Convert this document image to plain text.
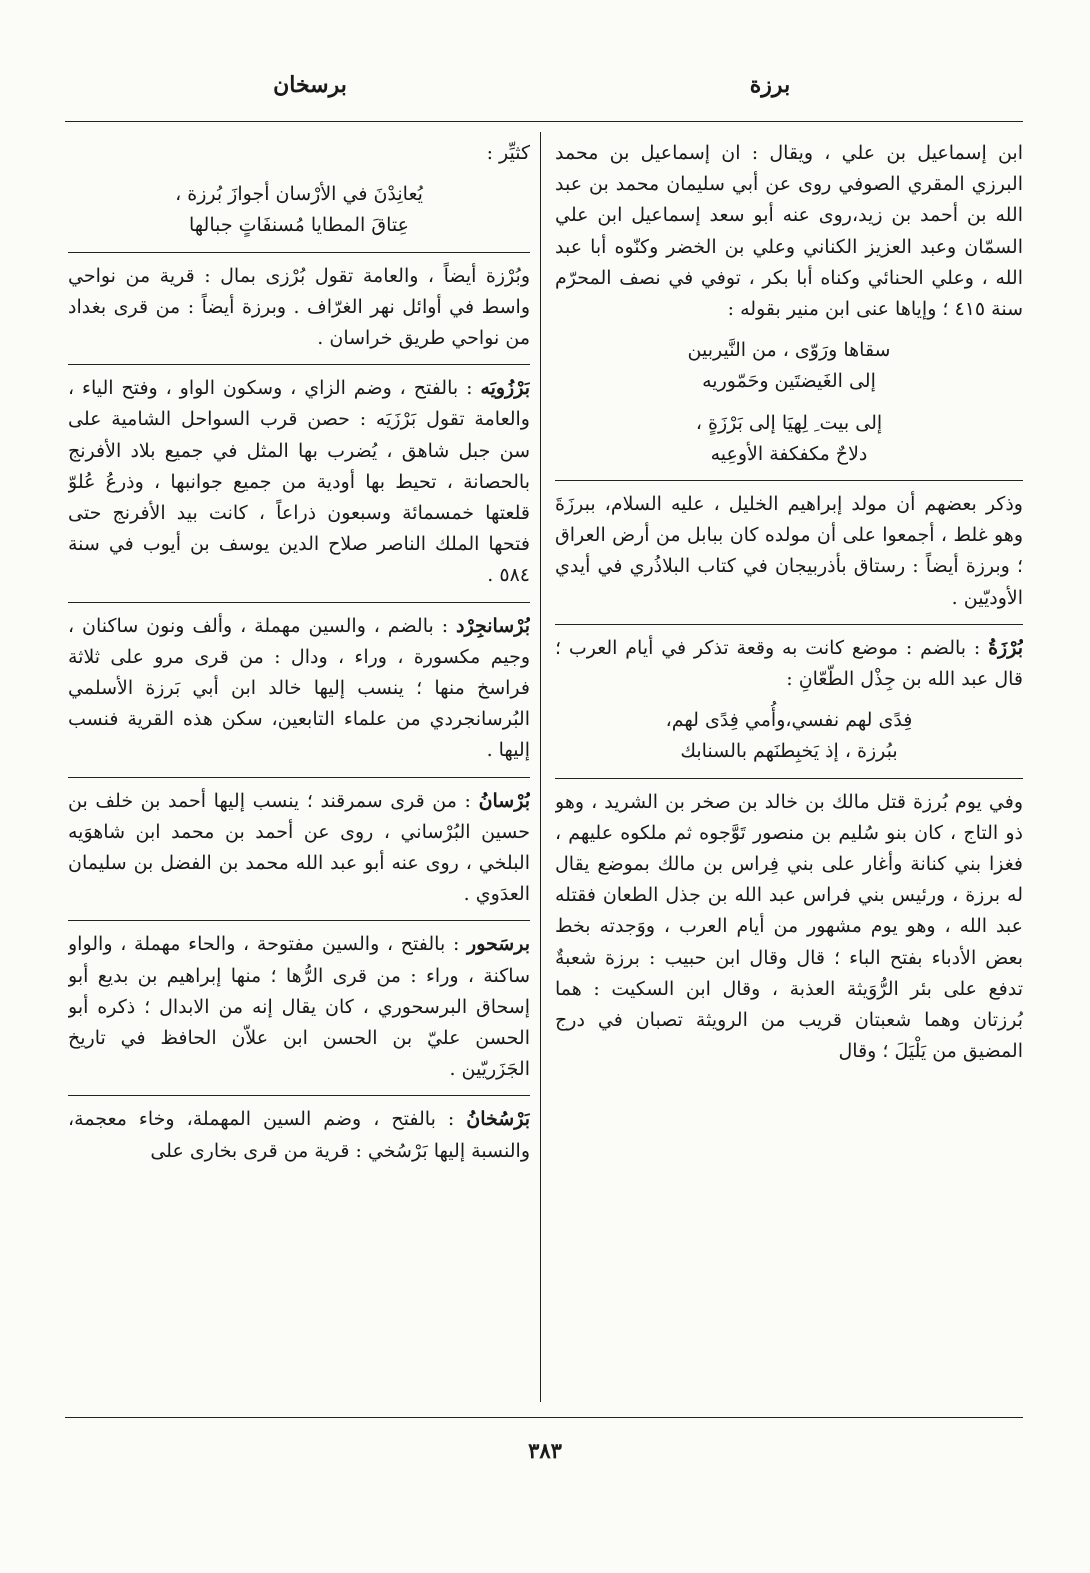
برزة
برسخان

ابن إسماعيل بن علي ، ويقال : ان إسماعيل بن محمد البرزي المقري الصوفي روى عن أبي سليمان محمد بن عبد الله بن أحمد بن زيد،روى عنه أبو سعد إسماعيل ابن علي السمّان وعبد العزيز الكناني وعلي بن الخضر وكنّوه أبا عبد الله ، وعلي الحنائي وكناه أبا بكر ، توفي في نصف المحرّم سنة ٤١٥ ؛ وإياها عنى ابن منير بقوله :

سقاها ورَوّى ، من النَّيربين
إلى الغَيضتَين وحَمّوريه
إلى بيت ِ لِهيَا إلى بَرْزَةٍ ،
دلاحٌ مكفكفة الأوعِيه

وذكر بعضهم أن مولد إبراهيم الخليل ، عليه السلام، ببرزَةَ وهو غلط ، أجمعوا على أن مولده كان ببابل من أرض العراق ؛ وبرزة أيضاً : رستاق بأذربيجان في كتاب البلاذُري في أيدي الأوديّين .

بُرْزَةُ : بالضم : موضع كانت به وقعة تذكر في أيام العرب ؛ قال عبد الله بن جِذْل الطّعّانِ :

فِدًى لهم نفسي،وأُمي فِدًى لهم،
ببُرزة ، إذ يَخبِطنَهم بالسنابك

وفي يوم بُرزة قتل مالك بن خالد بن صخر بن الشريد ، وهو ذو التاج ، كان بنو سُليم بن منصور تَوَّجوه ثم ملكوه عليهم ، فغزا بني كنانة وأغار على بني فِراس بن مالك بموضع يقال له برزة ، ورئيس بني فراس عبد الله بن جذل الطعان فقتله عبد الله ، وهو يوم مشهور من أيام العرب ، ووَجدته بخط بعض الأدباء بفتح الباء ؛ قال وقال ابن حبيب : برزة شعبةٌ تدفع على بئر الرُّوَيثة العذبة ، وقال ابن السكيت : هما بُرزتان وهما شعبتان قريب من الرويثة تصبان في درج المضيق من يَلْيَلَ ؛ وقال

كثيِّر :
يُعانِدْنَ في الأرْسان أجوازَ بُرزة ،
عِتاقَ المطايا مُسنفَاتٍ جبالها

وبُرْزة أيضاً ، والعامة تقول بُرْزى بمال : قرية من نواحي واسط في أوائل نهر الغرّاف . وبرزة أيضاً : من قرى بغداد من نواحي طريق خراسان .

بَرْزُويَه : بالفتح ، وضم الزاي ، وسكون الواو ، وفتح الياء ، والعامة تقول بَرْزَيَه : حصن قرب السواحل الشامية على سن جبل شاهق ، يُضرب بها المثل في جميع بلاد الأفرنج بالحصانة ، تحيط بها أودية من جميع جوانبها ، وذرعُ عُلوّ قلعتها خمسمائة وسبعون ذراعاً ، كانت بيد الأفرنج حتى فتحها الملك الناصر صلاح الدين يوسف بن أيوب في سنة ٥٨٤ .

بُرْسانجِرْد : بالضم ، والسين مهملة ، وألف ونون ساكنان ، وجيم مكسورة ، وراء ، ودال : من قرى مرو على ثلاثة فراسخ منها ؛ ينسب إليها خالد ابن أبي بَرزة الأسلمي البُرسانجردي من علماء التابعين، سكن هذه القرية فنسب إليها .

بُرْسانُ : من قرى سمرقند ؛ ينسب إليها أحمد بن خلف بن حسين البُرْساني ، روى عن أحمد بن محمد ابن شاهوَيه البلخي ، روى عنه أبو عبد الله محمد بن الفضل بن سليمان العدَوي .

برسَحور : بالفتح ، والسين مفتوحة ، والحاء مهملة ، والواو ساكنة ، وراء : من قرى الرُّها ؛ منها إبراهيم بن بديع أبو إسحاق البرسحوري ، كان يقال إنه من الابدال ؛ ذكره أبو الحسن عليّ بن الحسن ابن علاّن الحافظ في تاريخ الجَزَريّين .

بَرْسُخانُ : بالفتح ، وضم السين المهملة، وخاء معجمة، والنسبة إليها بَرْسُخي : قرية من قرى بخارى على

٣٨٣
